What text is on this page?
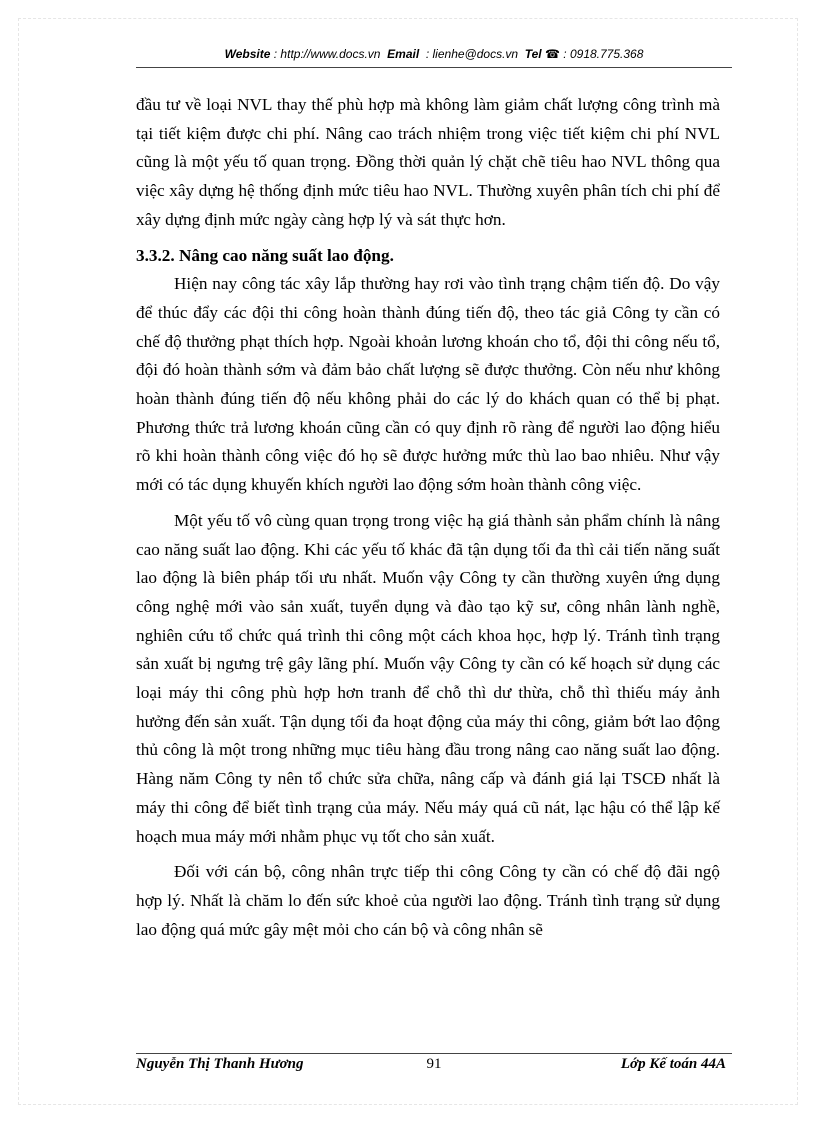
Website : http://www.docs.vn Email : lienhe@docs.vn Tel ☎ : 0918.775.368

đầu tư về loại NVL thay thế phù hợp mà không làm giảm chất lượng công trình mà tại tiết kiệm được chi phí. Nâng cao trách nhiệm trong việc tiết kiệm chi phí NVL cũng là một yếu tố quan trọng. Đồng thời quản lý chặt chẽ tiêu hao NVL thông qua việc xây dựng hệ thống định mức tiêu hao NVL. Thường xuyên phân tích chi phí để xây dựng định mức ngày càng hợp lý và sát thực hơn.

3.3.2. Nâng cao năng suất lao động.

Hiện nay công tác xây lắp thường hay rơi vào tình trạng chậm tiến độ. Do vậy để thúc đẩy các đội thi công hoàn thành đúng tiến độ, theo tác giả Công ty cần có chế độ thưởng phạt thích hợp. Ngoài khoản lương khoán cho tổ, đội thi công nếu tổ, đội đó hoàn thành sớm và đảm bảo chất lượng sẽ được thưởng. Còn nếu như không hoàn thành đúng tiến độ nếu không phải do các lý do khách quan có thể bị phạt. Phương thức trả lương khoán cũng cần có quy định rõ ràng để người lao động hiểu rõ khi hoàn thành công việc đó họ sẽ được hưởng mức thù lao bao nhiêu. Như vậy mới có tác dụng khuyến khích người lao động sớm hoàn thành công việc.

Một yếu tố vô cùng quan trọng trong việc hạ giá thành sản phẩm chính là nâng cao năng suất lao động. Khi các yếu tố khác đã tận dụng tối đa thì cải tiến năng suất lao động là biên pháp tối ưu nhất. Muốn vậy Công ty cần thường xuyên ứng dụng công nghệ mới vào sản xuất, tuyển dụng và đào tạo kỹ sư, công nhân lành nghề, nghiên cứu tổ chức quá trình thi công một cách khoa học, hợp lý. Tránh tình trạng sản xuất bị ngưng trệ gây lãng phí. Muốn vậy Công ty cần có kế hoạch sử dụng các loại máy thi công phù hợp hơn tranh để chỗ thì dư thừa, chỗ thì thiếu máy ảnh hưởng đến sản xuất. Tận dụng tối đa hoạt động của máy thi công, giảm bớt lao động thủ công là một trong những mục tiêu hàng đầu trong nâng cao năng suất lao động. Hàng năm Công ty nên tổ chức sửa chữa, nâng cấp và đánh giá lại TSCĐ nhất là máy thi công để biết tình trạng của máy. Nếu máy quá cũ nát, lạc hậu có thể lập kế hoạch mua máy mới nhằm phục vụ tốt cho sản xuất.

Đối với cán bộ, công nhân trực tiếp thi công Công ty cần có chế độ đãi ngộ hợp lý. Nhất là chăm lo đến sức khoẻ của người lao động. Tránh tình trạng sử dụng lao động quá mức gây mệt mỏi cho cán bộ và công nhân sẽ

Nguyễn Thị Thanh Hương	91	Lớp Kế toán 44A
